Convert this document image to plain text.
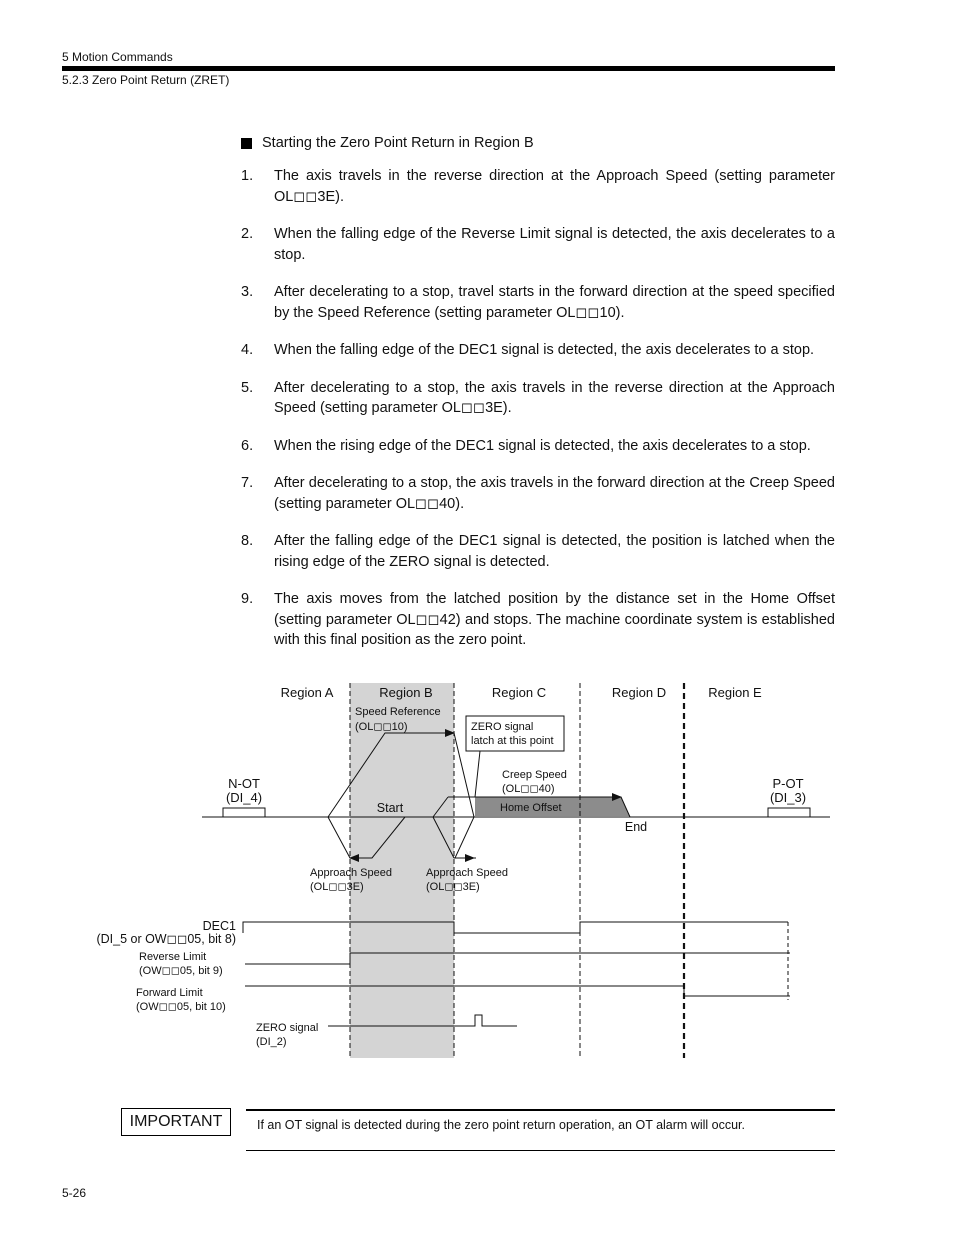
5 Motion Commands
5.2.3 Zero Point Return (ZRET)
Starting the Zero Point Return in Region B
1.	The axis travels in the reverse direction at the Approach Speed (setting parameter OL◻◻3E).
2.	When the falling edge of the Reverse Limit signal is detected, the axis decelerates to a stop.
3.	After decelerating to a stop, travel starts in the forward direction at the speed specified by the Speed Reference (setting parameter OL◻◻10).
4.	When the falling edge of the DEC1 signal is detected, the axis decelerates to a stop.
5.	After decelerating to a stop, the axis travels in the reverse direction at the Approach Speed (setting parameter OL◻◻3E).
6.	When the rising edge of the DEC1 signal is detected, the axis decelerates to a stop.
7.	After decelerating to a stop, the axis travels in the forward direction at the Creep Speed (setting parameter OL◻◻40).
8.	After the falling edge of the DEC1 signal is detected, the position is latched when the rising edge of the ZERO signal is detected.
9.	The axis moves from the latched position by the distance set in the Home Offset (setting parameter OL◻◻42) and stops. The machine coordinate system is established with this final position as the zero point.
Region A	Region B	Region C	Region D	Region E
N-OT
(DI_4)
P-OT
(DI_3)
Speed Reference
(OL◻◻10)	ZERO signal
latch at this point
Creep Speed
(OL◻◻40)
Home Offset
Start
End
Approach Speed
(OL◻◻3E)
Approach Speed
(OL◻◻3E)
DEC1
(DI_5 or OW◻◻05, bit 8)
Reverse Limit
(OW◻◻05, bit 9)
Forward Limit
(OW◻◻05, bit 10)
ZERO signal
(DI_2)
IMPORTANT	If an OT signal is detected during the zero point return operation, an OT alarm will occur.
5-26
